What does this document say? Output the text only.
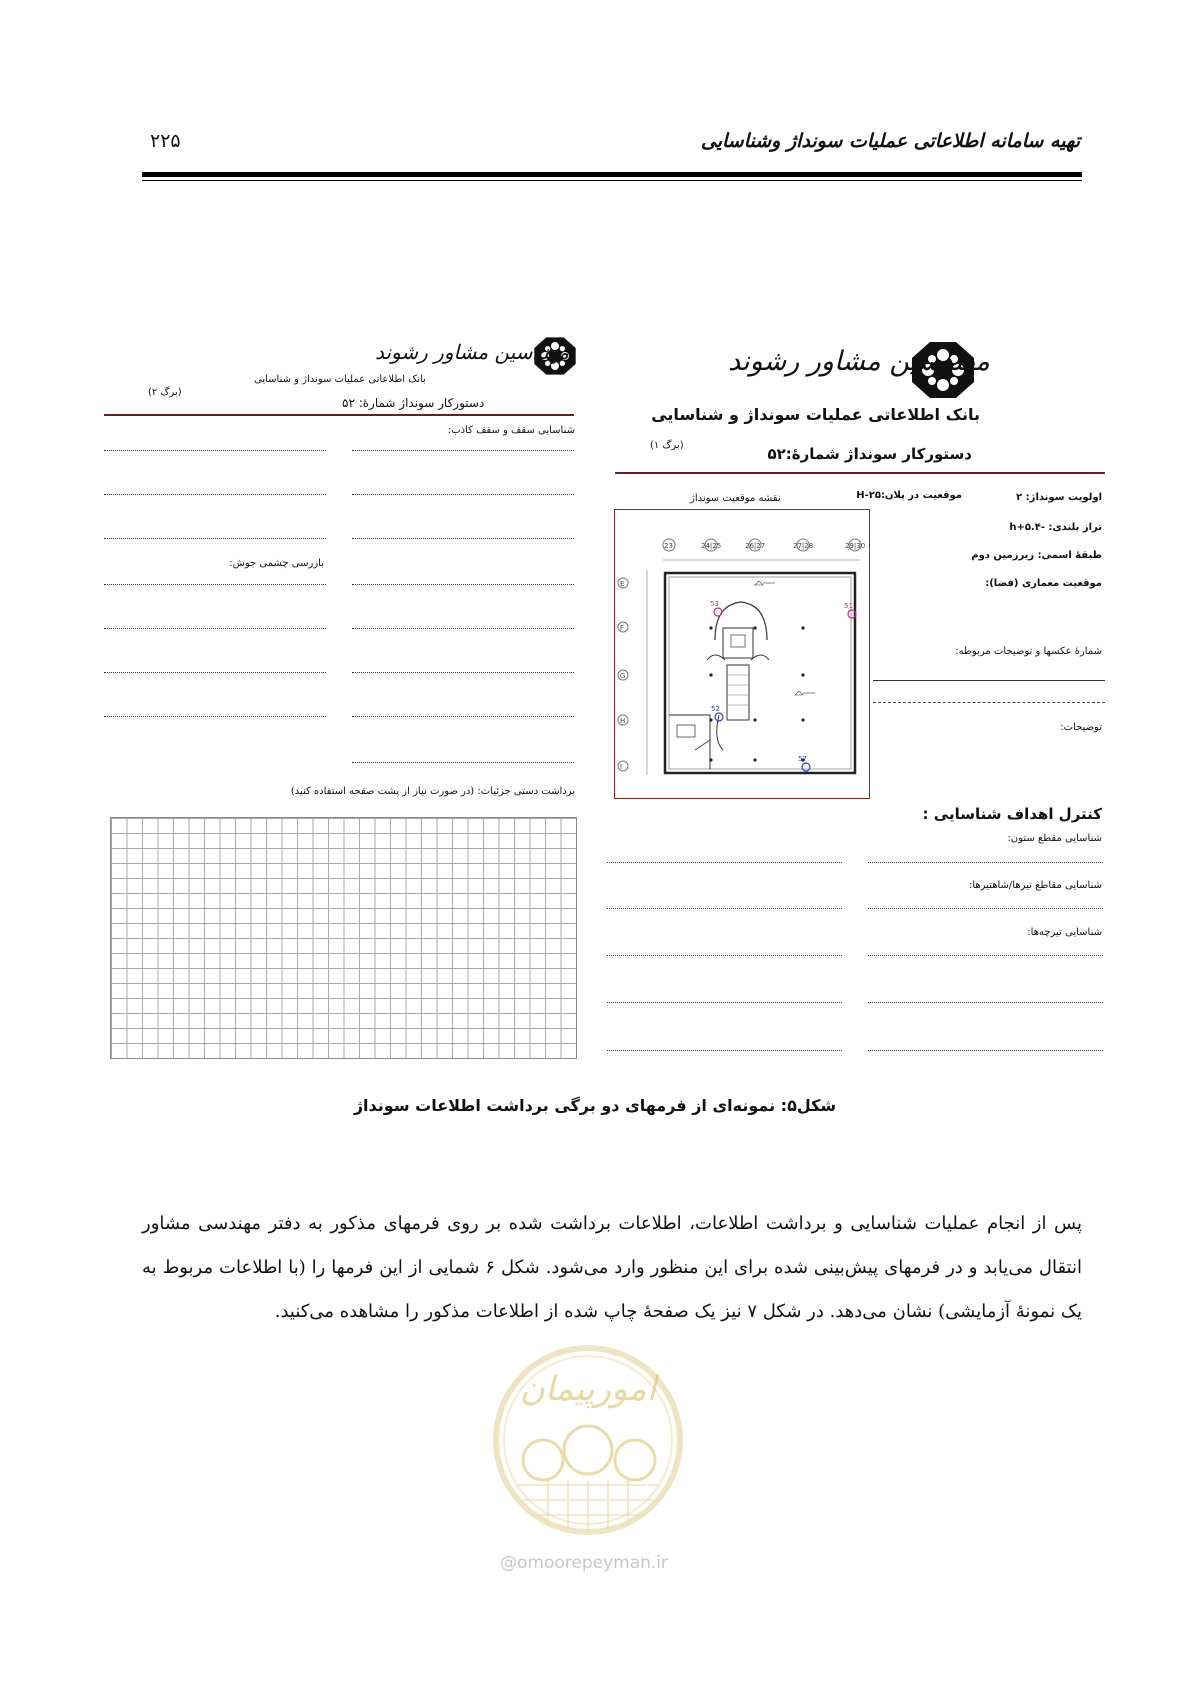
تهیه سامانه اطلاعاتی عملیات سونداژ وشناسایی
۲۲۵
مهندسین مشاور رشوند
بانک اطلاعاتی عملیات سونداژ و شناسایی
دستورکار سونداژ شمارهٔ:۵۲
(برگ ۱)
اولویت سونداژ: ۲
موقعیت در پلان:۲۵-H
تراز بلندی: -۵.۴+h
طبقهٔ اسمی: زیرزمین دوم
موقعیت معماری (فضا):
شمارهٔ عکسها و توضیحات مربوطه:
توضیحات:
نقشه موقعیت سونداژ
23	24|25	26|27	27|28	29|30
E
F
G
H
I
53	51
52
57
کنترل اهداف شناسایی :
شناسایی مقطع ستون:
شناسایی مقاطع تیرها/شاهتیرها:
شناسایی تیرچه‌ها:
مهندسین مشاور رشوند
بانک اطلاعاتی عملیات سونداژ و شناسایی
دستورکار سونداژ شمارهٔ: ۵۲
(برگ ۲)
شناسایی سقف و سقف کاذب:
بازرسی چشمی جوش:
برداشت دستی جزئیات: (در صورت نیاز از پشت صفحه استفاده کنید)
شکل۵: نمونه‌ای از فرمهای دو برگی برداشت اطلاعات سونداژ
پس از انجام عملیات شناسایی و برداشت اطلاعات، اطلاعات برداشت شده بر روی فرمهای مذکور به دفتر مهندسی مشاور انتقال می‌یابد و در فرمهای پیش‌بینی شده برای این منظور وارد می‌شود. شکل ۶ شمایی از این فرمها را (با اطلاعات مربوط به یک نمونهٔ آزمایشی) نشان می‌دهد. در شکل ۷ نیز یک صفحهٔ چاپ شده از اطلاعات مذکور را مشاهده می‌کنید.
امورپیمان
@omoorepeyman.ir
